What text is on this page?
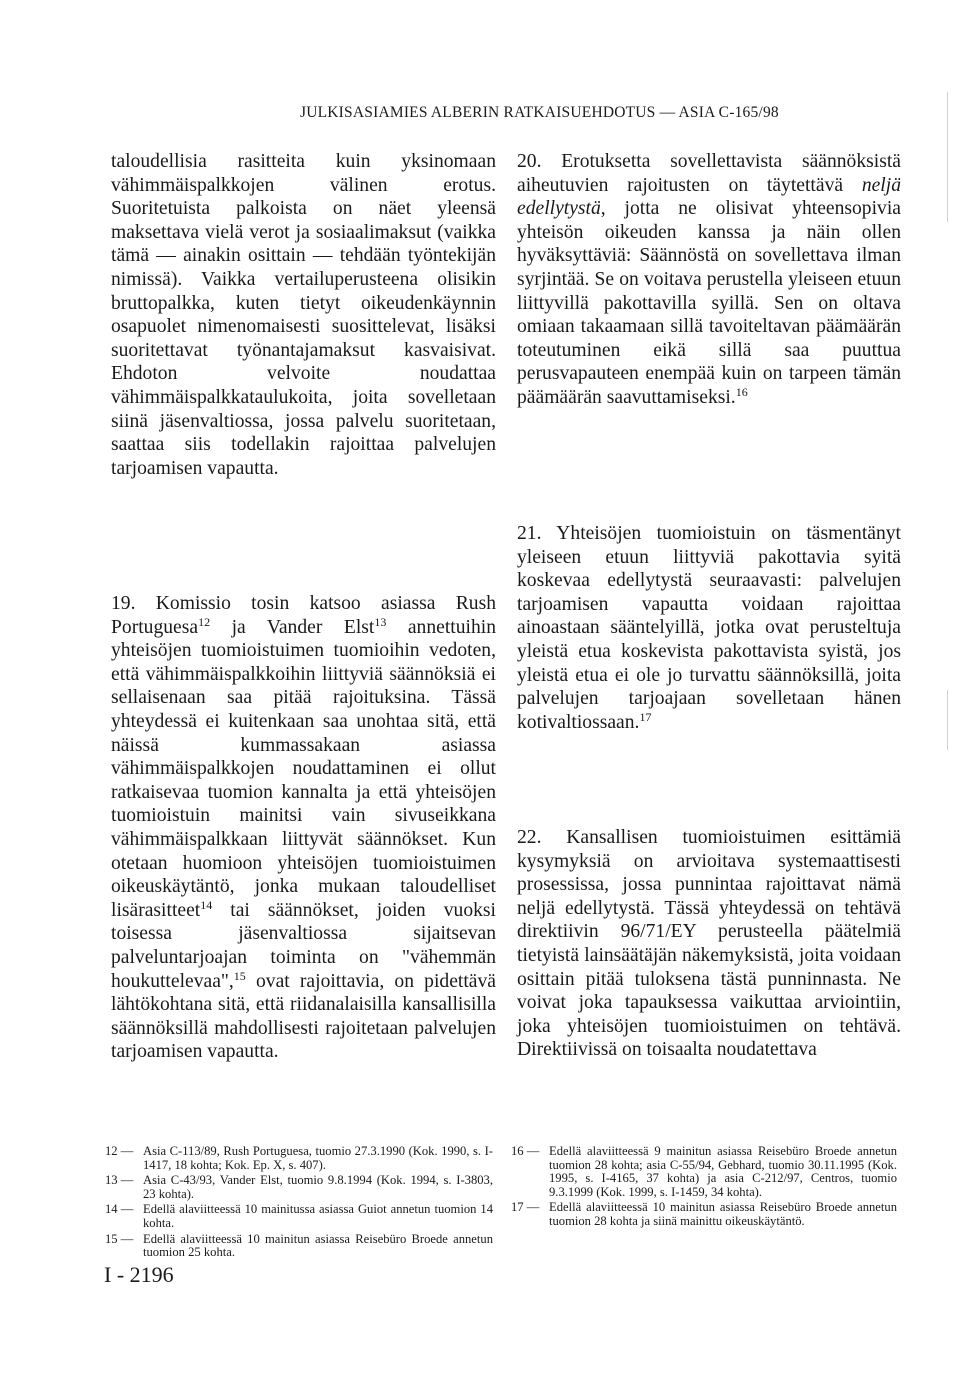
JULKISASIAMIES ALBERIN RATKAISUEHDOTUS — ASIA C-165/98

taloudellisia rasitteita kuin yksinomaan vähimmäispalkkojen välinen erotus. Suoritetuista palkoista on näet yleensä maksettava vielä verot ja sosiaalimaksut (vaikka tämä — ainakin osittain — tehdään työntekijän nimissä). Vaikka vertailuperusteena olisikin bruttopalkka, kuten tietyt oikeudenkäynnin osapuolet nimenomaisesti suosittelevat, lisäksi suoritettavat työnantajamaksut kasvaisivat. Ehdoton velvoite noudattaa vähimmäispalkkataulukoita, joita sovelletaan siinä jäsenvaltiossa, jossa palvelu suoritetaan, saattaa siis todellakin rajoittaa palvelujen tarjoamisen vapautta.

19. Komissio tosin katsoo asiassa Rush Portuguesa$^{12}$ ja Vander Elst$^{13}$ annettuihin yhteisöjen tuomioistuimen tuomioihin vedoten, että vähimmäispalkkoihin liittyviä säännöksiä ei sellaisenaan saa pitää rajoituksina. Tässä yhteydessä ei kuitenkaan saa unohtaa sitä, että näissä kummassakaan asiassa vähimmäispalkkojen noudattaminen ei ollut ratkaisevaa tuomion kannalta ja että yhteisöjen tuomioistuin mainitsi vain sivuseikkana vähimmäispalkkaan liittyvät säännökset. Kun otetaan huomioon yhteisöjen tuomioistuimen oikeuskäytäntö, jonka mukaan taloudelliset lisärasitteet$^{14}$ tai säännökset, joiden vuoksi toisessa jäsenvaltiossa sijaitsevan palveluntarjoajan toiminta on "vähemmän houkuttelevaa",$^{15}$ ovat rajoittavia, on pidettävä lähtökohtana sitä, että riidanalaisilla kansallisilla säännöksillä mahdollisesti rajoitetaan palvelujen tarjoamisen vapautta.

20. Erotuksetta sovellettavista säännöksistä aiheutuvien rajoitusten on täytettävä neljä edellytystä, jotta ne olisivat yhteensopivia yhteisön oikeuden kanssa ja näin ollen hyväksyttäviä: Säännöstä on sovellettava ilman syrjintää. Se on voitava perustella yleiseen etuun liittyvillä pakottavilla syillä. Sen on oltava omiaan takaamaan sillä tavoiteltavan päämäärän toteutuminen eikä sillä saa puuttua perusvapauteen enempää kuin on tarpeen tämän päämäärän saavuttamiseksi.$^{16}$

21. Yhteisöjen tuomioistuin on täsmentänyt yleiseen etuun liittyviä pakottavia syitä koskevaa edellytystä seuraavasti: palvelujen tarjoamisen vapautta voidaan rajoittaa ainoastaan sääntelyillä, jotka ovat perusteltuja yleistä etua koskevista pakottavista syistä, jos yleistä etua ei ole jo turvattu säännöksillä, joita palvelujen tarjoajaan sovelletaan hänen kotivaltiossaan.$^{17}$

22. Kansallisen tuomioistuimen esittämiä kysymyksiä on arvioitava systemaattisesti prosessissa, jossa punnintaa rajoittavat nämä neljä edellytystä. Tässä yhteydessä on tehtävä direktiivin 96/71/EY perusteella päätelmiä tietyistä lainsäätäjän näkemyksistä, joita voidaan osittain pitää tuloksena tästä punninnasta. Ne voivat joka tapauksessa vaikuttaa arviointiin, joka yhteisöjen tuomioistuimen on tehtävä. Direktiivissä on toisaalta noudatettava

12 — Asia C-113/89, Rush Portuguesa, tuomio 27.3.1990 (Kok. 1990, s. I-1417, 18 kohta; Kok. Ep. X, s. 407).
13 — Asia C-43/93, Vander Elst, tuomio 9.8.1994 (Kok. 1994, s. I-3803, 23 kohta).
14 — Edellä alaviitteessä 10 mainitussa asiassa Guiot annetun tuomion 14 kohta.
15 — Edellä alaviitteessä 10 mainitun asiassa Reisebüro Broede annetun tuomion 25 kohta.
16 — Edellä alaviitteessä 9 mainitun asiassa Reisebüro Broede annetun tuomion 28 kohta; asia C-55/94, Gebhard, tuomio 30.11.1995 (Kok. 1995, s. I-4165, 37 kohta) ja asia C-212/97, Centros, tuomio 9.3.1999 (Kok. 1999, s. I-1459, 34 kohta).
17 — Edellä alaviitteessä 10 mainitun asiassa Reisebüro Broede annetun tuomion 28 kohta ja siinä mainittu oikeuskäytäntö.
I - 2196
